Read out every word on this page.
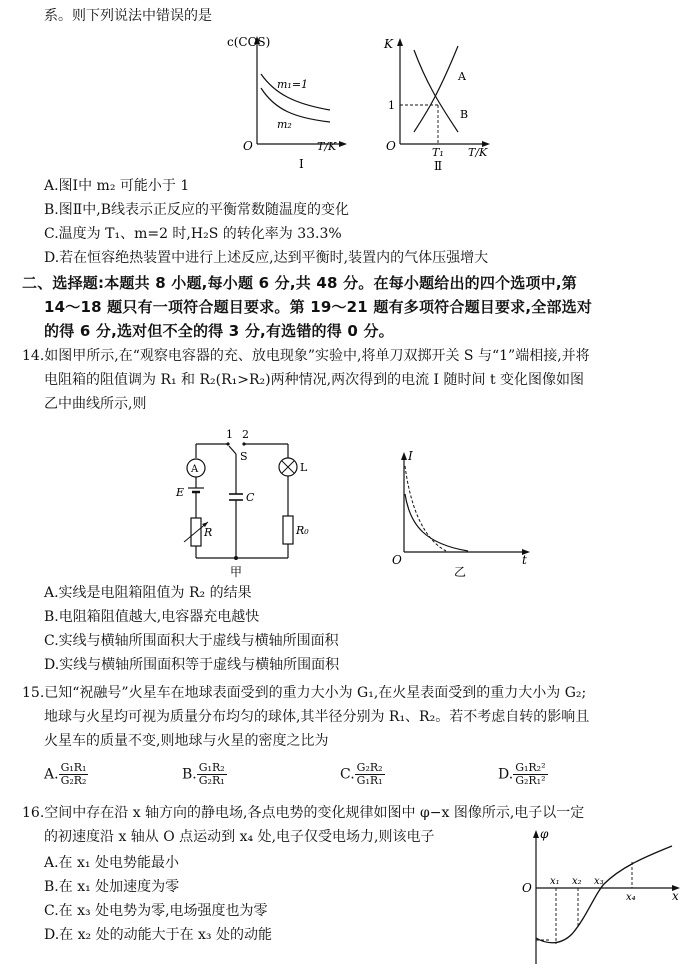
系。则下列说法中错误的是
c(COS)
m₁=1
m₂
O	T/K
Ⅰ
K
1
A
B
O	T₁ T/K
Ⅱ
A.图Ⅰ中 m₂ 可能小于 1
B.图Ⅱ中,B线表示正反应的平衡常数随温度的变化
C.温度为 T₁、m=2 时,H₂S 的转化率为 33.3%
D.若在恒容绝热装置中进行上述反应,达到平衡时,装置内的气体压强增大
二、选择题:本题共 8 小题,每小题 6 分,共 48 分。在每小题给出的四个选项中,第
14～18 题只有一项符合题目要求。第 19～21 题有多项符合题目要求,全部选对
的得 6 分,选对但不全的得 3 分,有选错的得 0 分。
14.如图甲所示,在“观察电容器的充、放电现象”实验中,将单刀双掷开关 S 与“1”端相接,并将
电阻箱的阻值调为 R₁ 和 R₂(R₁>R₂)两种情况,两次得到的电流 I 随时间 t 变化图像如图
乙中曲线所示,则
1 2
S
A	L
E	C
R	R₀
甲
I
O	t
乙
A.实线是电阻箱阻值为 R₂ 的结果
B.电阻箱阻值越大,电容器充电越快
C.实线与横轴所围面积大于虚线与横轴所围面积
D.实线与横轴所围面积等于虚线与横轴所围面积
15.已知“祝融号”火星车在地球表面受到的重力大小为 G₁,在火星表面受到的重力大小为 G₂;
地球与火星均可视为质量分布均匀的球体,其半径分别为 R₁、R₂。若不考虑自转的影响且
火星车的质量不变,则地球与火星的密度之比为
A. $\frac{\text{G₁R₁}}{\text{G₂R₂}}$	B. $\frac{\text{G₁R₂}}{\text{G₂R₁}}$	C. $\frac{\text{G₂R₂}}{\text{G₁R₁}}$	D. $\frac{\text{G₁R₂²}}{\text{G₂R₁²}}$
16.空间中存在沿 x 轴方向的静电场,各点电势的变化规律如图中 φ−x 图像所示,电子以一定
的初速度沿 x 轴从 O 点运动到 x₄ 处,电子仅受电场力,则该电子
A.在 x₁ 处电势能最小
B.在 x₁ 处加速度为零
C.在 x₃ 处电势为零,电场强度也为零
D.在 x₂ 处的动能大于在 x₃ 处的动能
φ
O x₁ x₂ x₃
x₄	x
